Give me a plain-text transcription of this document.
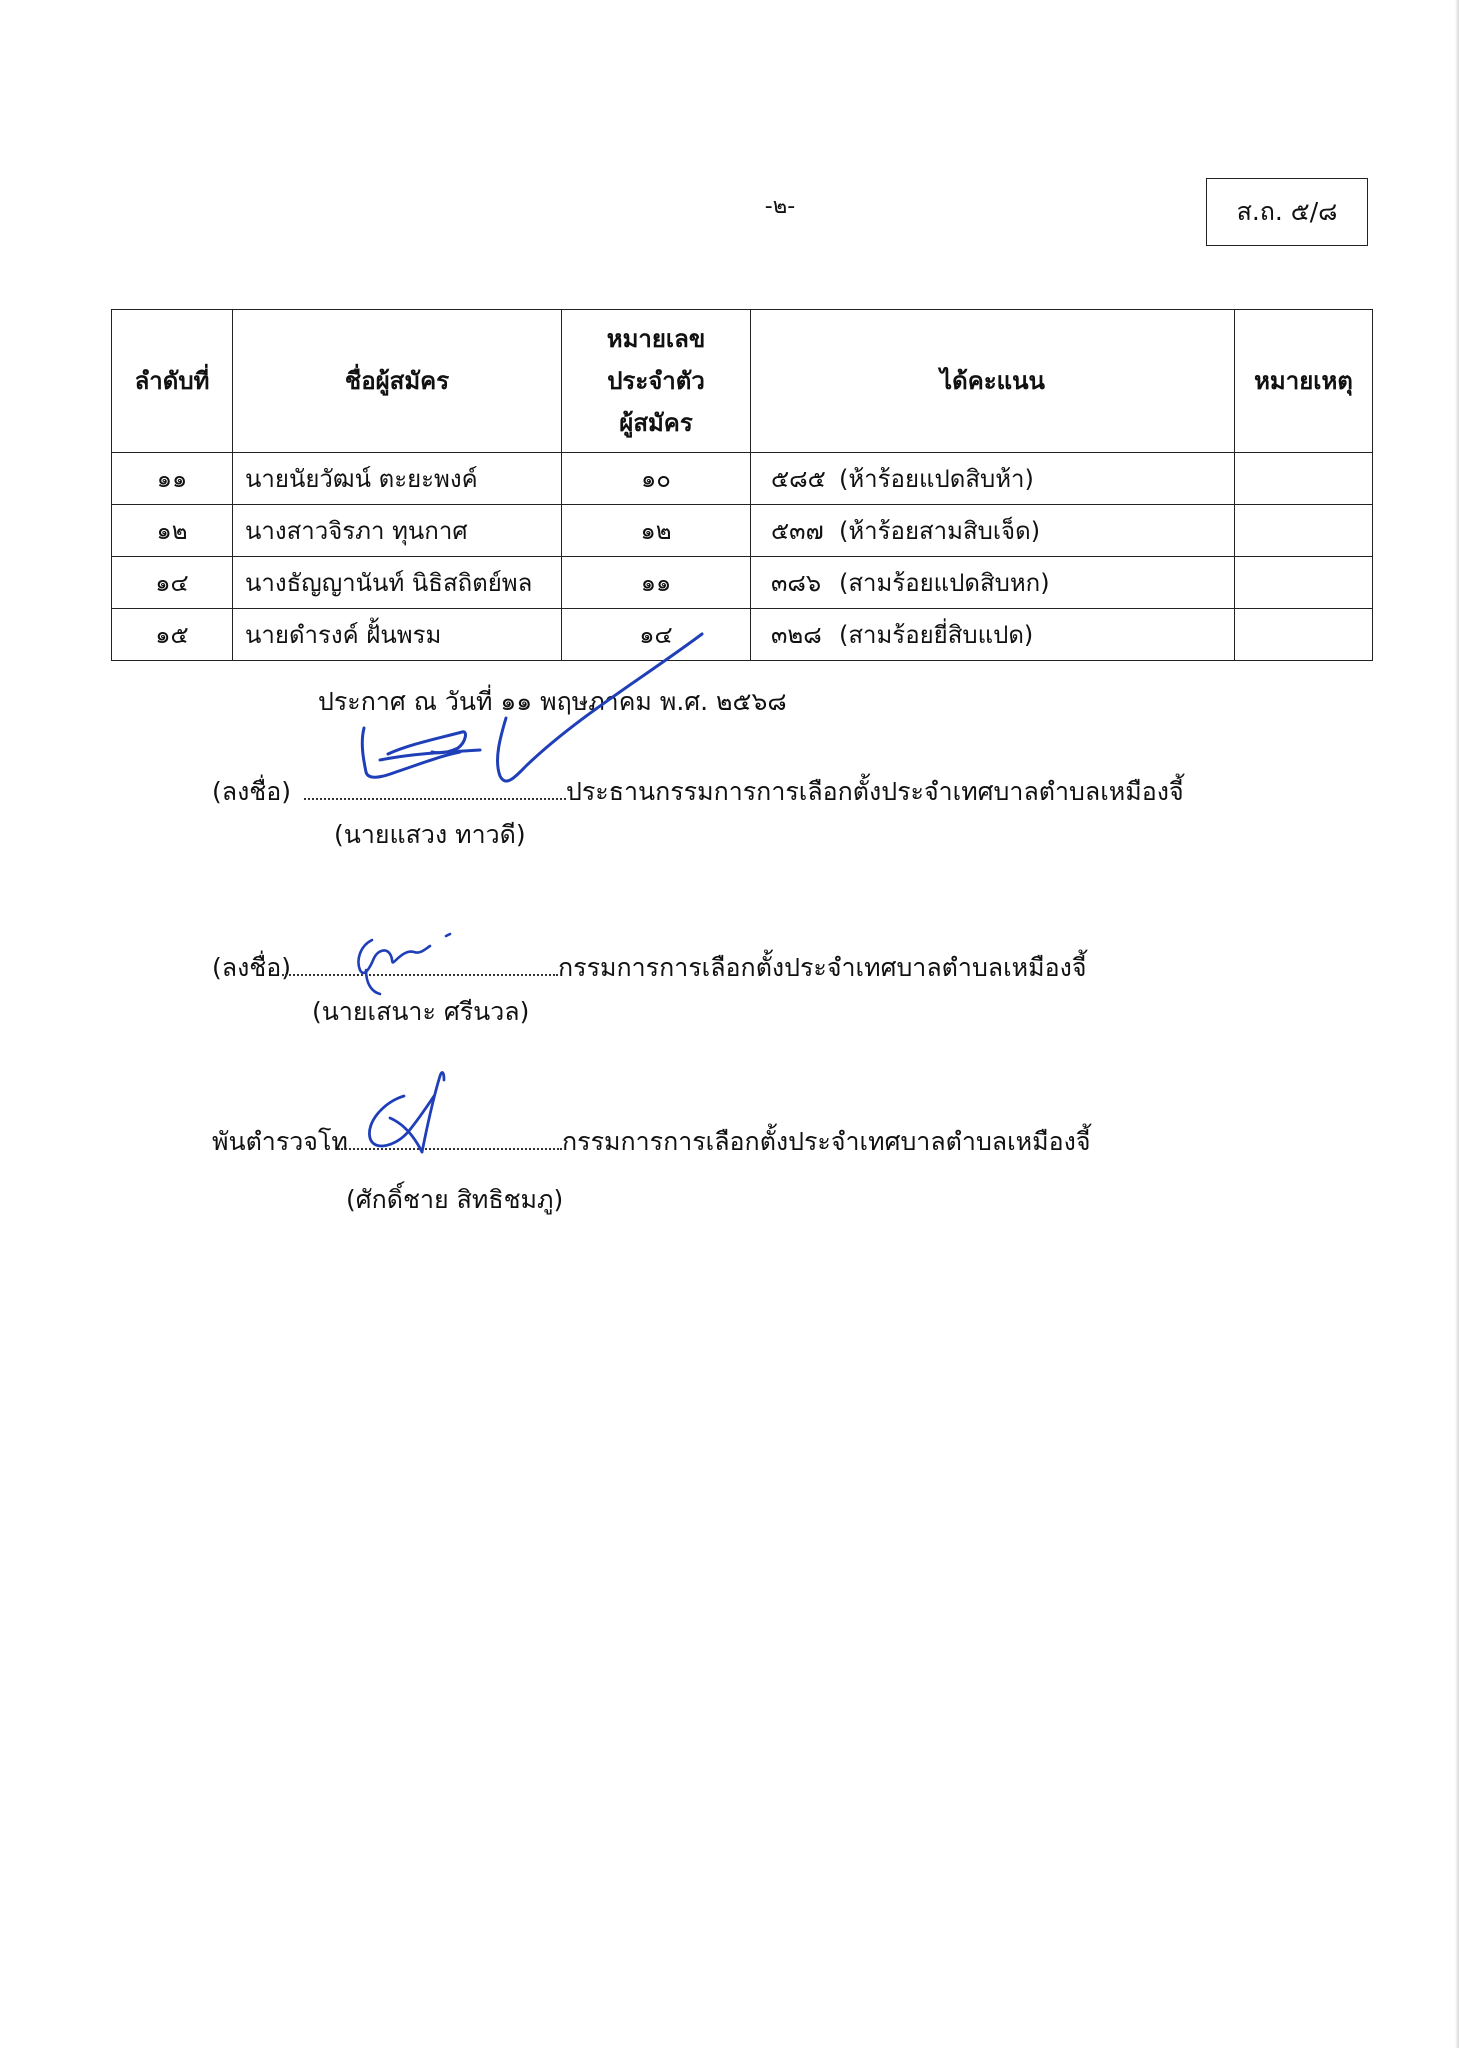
-๒-	ส.ถ. ๕/๘
ลำดับที่	ชื่อผู้สมัคร	หมายเลข
ประจำตัว
ผู้สมัคร	ได้คะแนน	หมายเหตุ
๑๑	นายนัยวัฒน์ ตะยะพงค์	๑๐	๕๘๕ (ห้าร้อยแปดสิบห้า)	
๑๒	นางสาวจิรภา ทุนกาศ	๑๒	๕๓๗ (ห้าร้อยสามสิบเจ็ด)	
๑๔	นางธัญญานันท์ นิธิสถิตย์พล	๑๑	๓๘๖ (สามร้อยแปดสิบหก)	
๑๕	นายดำรงค์ ฝั้นพรม	๑๔	๓๒๘ (สามร้อยยี่สิบแปด)	
ประกาศ ณ วันที่ ๑๑ พฤษภาคม พ.ศ. ๒๕๖๘
(ลงชื่อ)	ประธานกรรมการการเลือกตั้งประจำเทศบาลตำบลเหมืองจี้
(นายแสวง ทาวดี)
(ลงชื่อ)	กรรมการการเลือกตั้งประจำเทศบาลตำบลเหมืองจี้
(นายเสนาะ ศรีนวล)
พันตำรวจโท	กรรมการการเลือกตั้งประจำเทศบาลตำบลเหมืองจี้
(ศักดิ์ชาย สิทธิชมภู)
